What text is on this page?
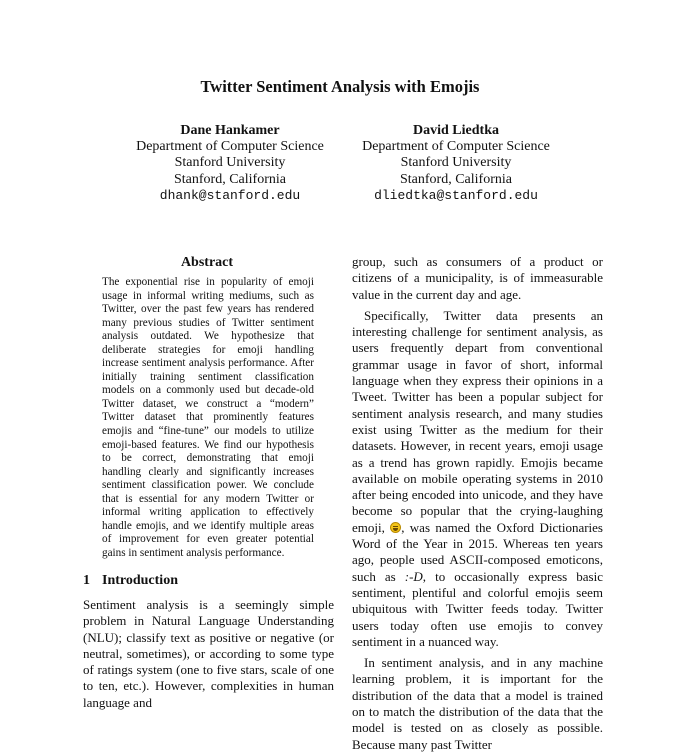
Twitter Sentiment Analysis with Emojis
Dane Hankamer
Department of Computer Science
Stanford University
Stanford, California
dhank@stanford.edu
David Liedtka
Department of Computer Science
Stanford University
Stanford, California
dliedtka@stanford.edu
Abstract

The exponential rise in popularity of emoji usage in informal writing mediums, such as Twitter, over the past few years has rendered many previous studies of Twitter sentiment analysis outdated. We hypothesize that deliberate strategies for emoji handling increase sentiment analysis performance. After initially training sentiment classification models on a commonly used but decade-old Twitter dataset, we construct a “modern” Twitter dataset that prominently features emojis and “fine-tune” our models to utilize emoji-based features. We find our hypothesis to be correct, demonstrating that emoji handling clearly and significantly increases sentiment classification power. We conclude that is essential for any modern Twitter or informal writing application to effectively handle emojis, and we identify multiple areas of improvement for even greater potential gains in sentiment analysis performance.

1 Introduction

Sentiment analysis is a seemingly simple problem in Natural Language Understanding (NLU); classify text as positive or negative (or neutral, sometimes), or according to some type of ratings system (one to five stars, scale of one to ten, etc.). However, complexities in human language and

group, such as consumers of a product or citizens of a municipality, is of immeasurable value in the current day and age.

Specifically, Twitter data presents an interesting challenge for sentiment analysis, as users frequently depart from conventional grammar usage in favor of short, informal language when they express their opinions in a Tweet. Twitter has been a popular subject for sentiment analysis research, and many studies exist using Twitter as the medium for their datasets. However, in recent years, emoji usage as a trend has grown rapidly. Emojis became available on mobile operating systems in 2010 after being encoded into unicode, and they have become so popular that the crying-laughing emoji, , was named the Oxford Dictionaries Word of the Year in 2015. Whereas ten years ago, people used ASCII-composed emoticons, such as :-D, to occasionally express basic sentiment, plentiful and colorful emojis seem ubiquitous with Twitter feeds today. Twitter users today often use emojis to convey sentiment in a nuanced way.

In sentiment analysis, and in any machine learning problem, it is important for the distribution of the data that a model is trained on to match the distribution of the data that the model is tested on as closely as possible. Because many past Twitter
